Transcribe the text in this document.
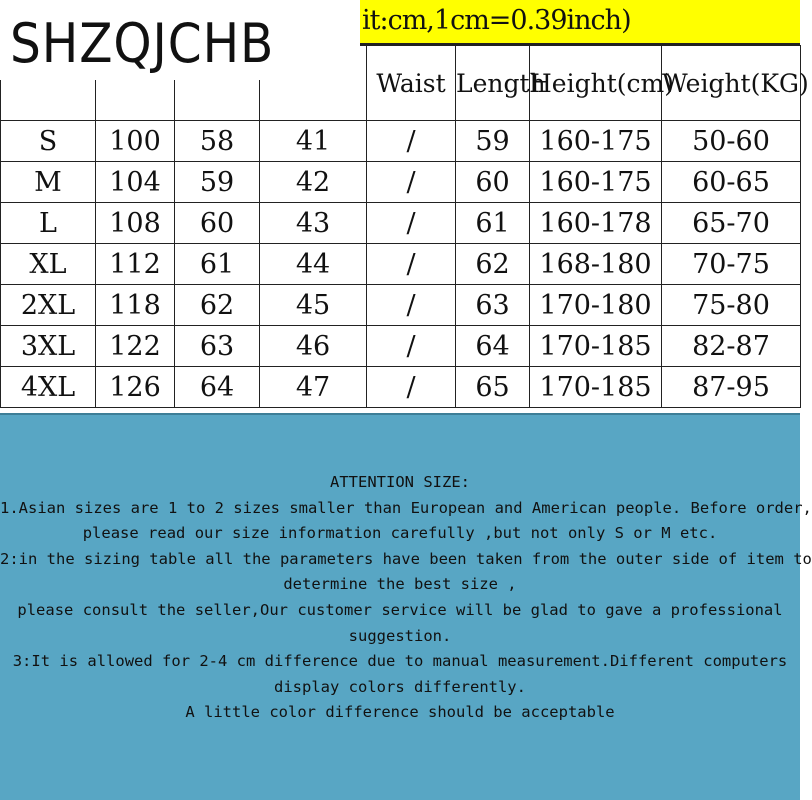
it:cm,1cm=0.39inch)
				Waist	Length	Height(cm)	Weight(KG)
S	100	58	41	/	59	160-175	50-60
M	104	59	42	/	60	160-175	60-65
L	108	60	43	/	61	160-178	65-70
XL	112	61	44	/	62	168-180	70-75
2XL	118	62	45	/	63	170-180	75-80
3XL	122	63	46	/	64	170-185	82-87
4XL	126	64	47	/	65	170-185	87-95
SHZQJCHB

ATTENTION SIZE:

1.Asian sizes are 1 to 2 sizes smaller than European and American people. Before order,

please read our size information carefully ,but not only S or M etc.

2:in the sizing table all the parameters have been taken from the outer side of item to

determine the best size ,

please consult the seller,Our customer service will be glad to gave a professional

suggestion.

3:It is allowed for 2-4 cm difference due to manual measurement.Different computers

display colors differently.

A little color difference should be acceptable
